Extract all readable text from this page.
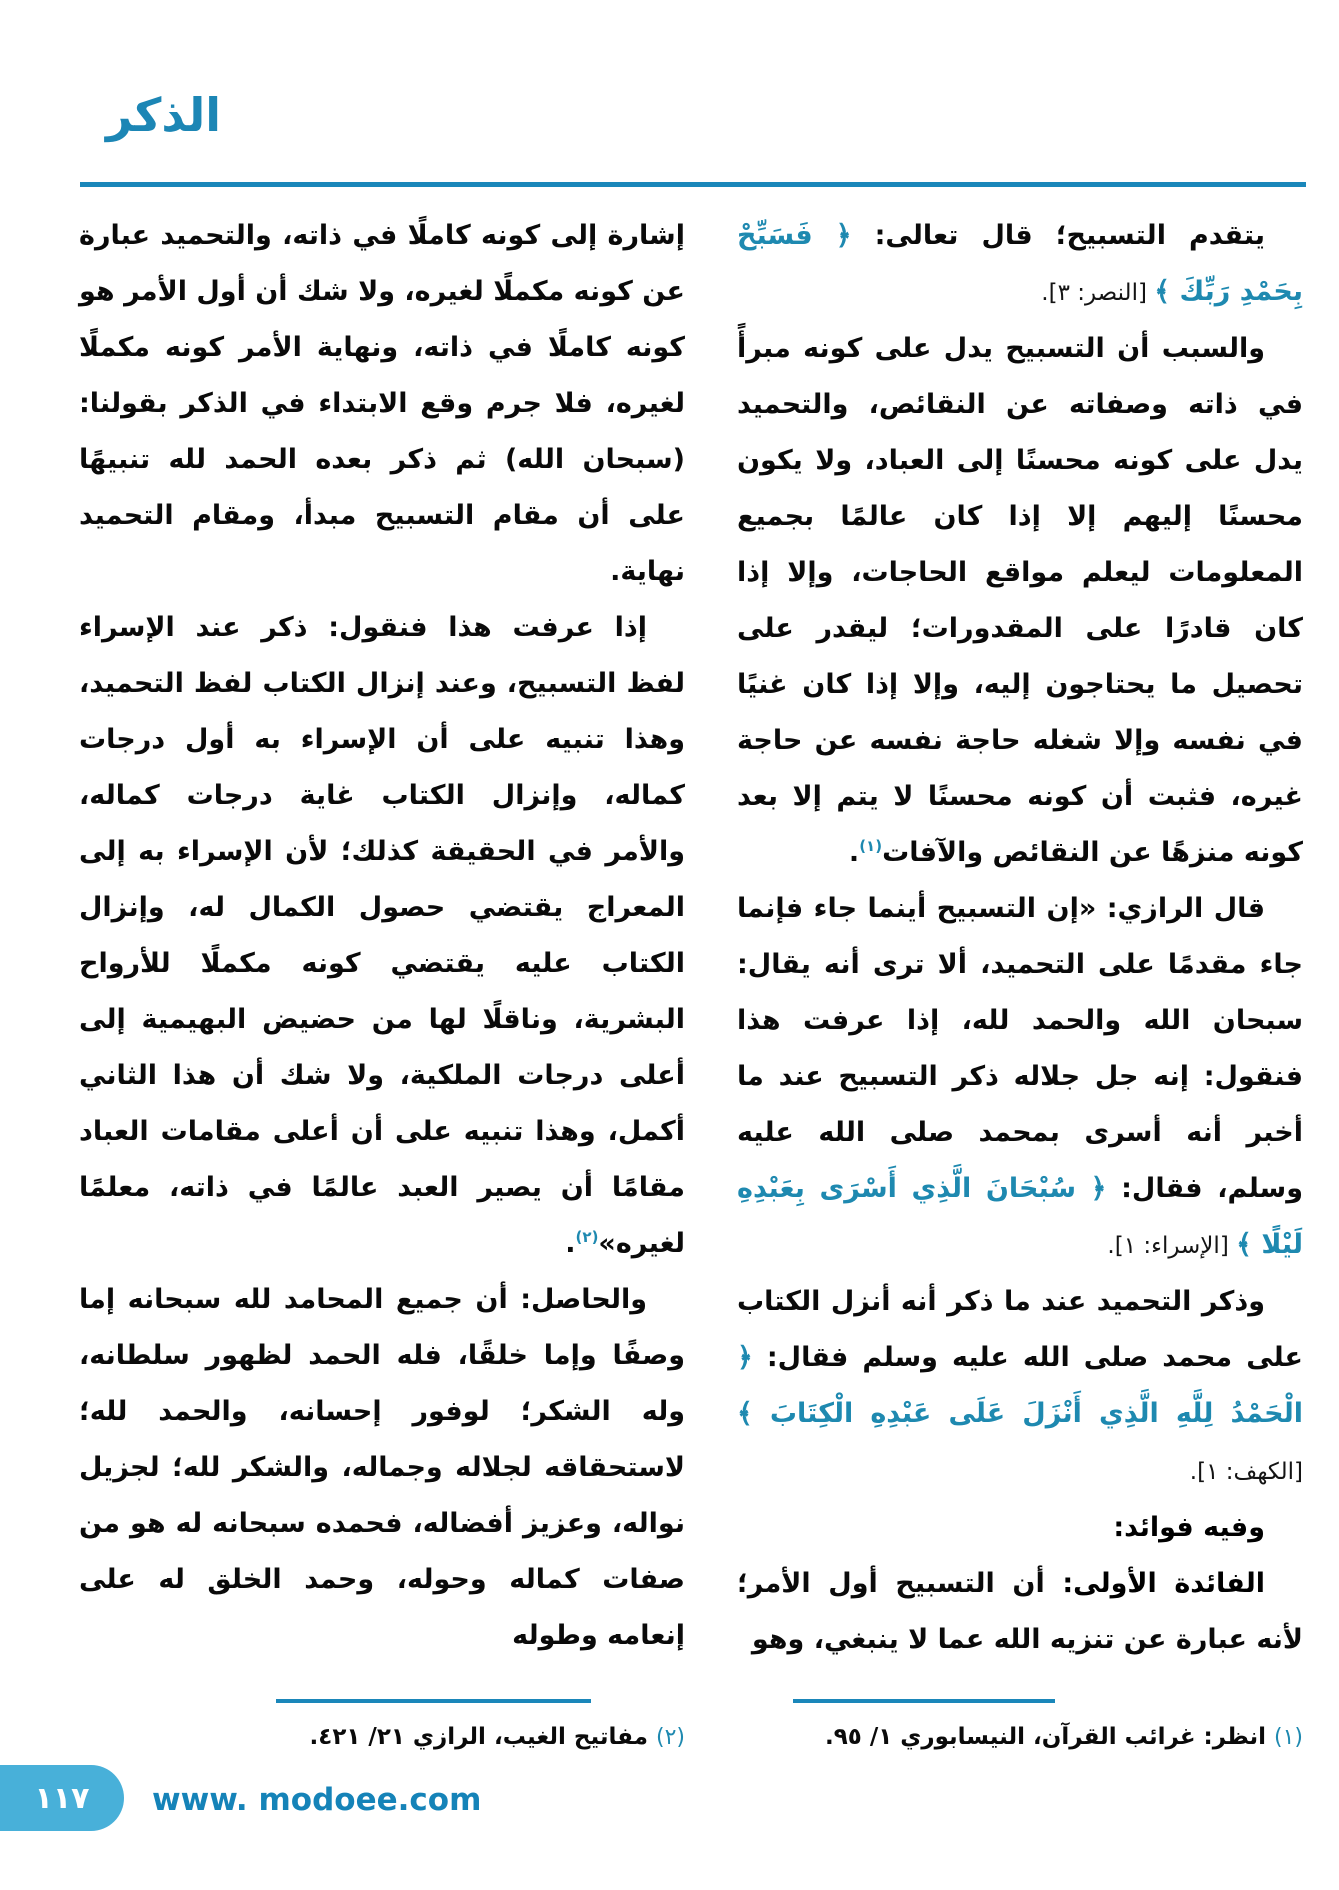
الذكر

يتقدم التسبيح؛ قال تعالى: ﴿ فَسَبِّحْ بِحَمْدِ رَبِّكَ ﴾ [النصر: ٣].

والسبب أن التسبيح يدل على كونه مبرأً في ذاته وصفاته عن النقائص، والتحميد يدل على كونه محسنًا إلى العباد، ولا يكون محسنًا إليهم إلا إذا كان عالمًا بجميع المعلومات ليعلم مواقع الحاجات، وإلا إذا كان قادرًا على المقدورات؛ ليقدر على تحصيل ما يحتاجون إليه، وإلا إذا كان غنيًا في نفسه وإلا شغله حاجة نفسه عن حاجة غيره، فثبت أن كونه محسنًا لا يتم إلا بعد كونه منزهًا عن النقائص والآفات$^{(١)}$.

قال الرازي: «إن التسبيح أينما جاء فإنما جاء مقدمًا على التحميد، ألا ترى أنه يقال: سبحان الله والحمد لله، إذا عرفت هذا فنقول: إنه جل جلاله ذكر التسبيح عند ما أخبر أنه أسرى بمحمد صلى الله عليه وسلم، فقال: ﴿ سُبْحَانَ الَّذِي أَسْرَى بِعَبْدِهِ لَيْلًا ﴾ [الإسراء: ١].

وذكر التحميد عند ما ذكر أنه أنزل الكتاب على محمد صلى الله عليه وسلم فقال: ﴿ الْحَمْدُ لِلَّهِ الَّذِي أَنْزَلَ عَلَى عَبْدِهِ الْكِتَابَ ﴾ [الكهف: ١].

وفيه فوائد:

الفائدة الأولى: أن التسبيح أول الأمر؛ لأنه عبارة عن تنزيه الله عما لا ينبغي، وهو

(١) انظر: غرائب القرآن، النيسابوري ١/ ٩٥.

إشارة إلى كونه كاملًا في ذاته، والتحميد عبارة عن كونه مكملًا لغيره، ولا شك أن أول الأمر هو كونه كاملًا في ذاته، ونهاية الأمر كونه مكملًا لغيره، فلا جرم وقع الابتداء في الذكر بقولنا: (سبحان الله) ثم ذكر بعده الحمد لله تنبيهًا على أن مقام التسبيح مبدأ، ومقام التحميد نهاية.

إذا عرفت هذا فنقول: ذكر عند الإسراء لفظ التسبيح، وعند إنزال الكتاب لفظ التحميد، وهذا تنبيه على أن الإسراء به أول درجات كماله، وإنزال الكتاب غاية درجات كماله، والأمر في الحقيقة كذلك؛ لأن الإسراء به إلى المعراج يقتضي حصول الكمال له، وإنزال الكتاب عليه يقتضي كونه مكملًا للأرواح البشرية، وناقلًا لها من حضيض البهيمية إلى أعلى درجات الملكية، ولا شك أن هذا الثاني أكمل، وهذا تنبيه على أن أعلى مقامات العباد مقامًا أن يصير العبد عالمًا في ذاته، معلمًا لغيره»$^{(٢)}$.

والحاصل: أن جميع المحامد لله سبحانه إما وصفًا وإما خلقًا، فله الحمد لظهور سلطانه، وله الشكر؛ لوفور إحسانه، والحمد لله؛ لاستحقاقه لجلاله وجماله، والشكر لله؛ لجزيل نواله، وعزيز أفضاله، فحمده سبحانه له هو من صفات كماله وحوله، وحمد الخلق له على إنعامه وطوله

(٢) مفاتيح الغيب، الرازي ٢١/ ٤٢١.
١١٧ www. modoee.com
